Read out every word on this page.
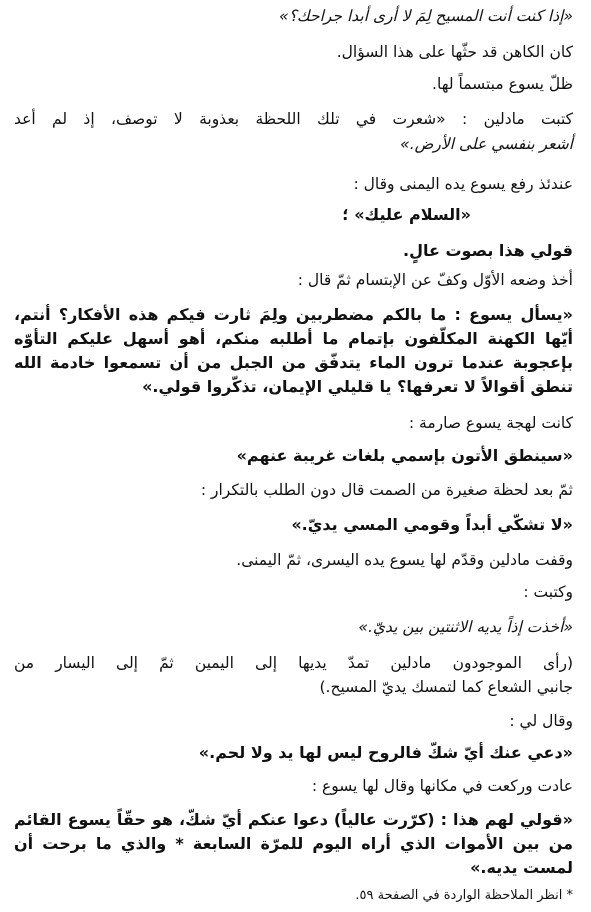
«إذا كنت أنت المسيح لِمَ لا أرى أبدا جراحك؟»

كان الكاهن قد حثّها على هذا السؤال.

ظلّ يسوع مبتسماً لها.

كتبت مادلين : «شعرت في تلك اللحظة بعذوبة لا توصف، إذ لم أعد

أشعر بنفسي على الأرض.»

عندئذ رفع يسوع يده اليمنى وقال :

«السلام عليك» ؛

قولي هذا بصوت عالٍ.

أخذ وضعه الأوّل وكفّ عن الإبتسام ثمّ قال :

«يسأل يسوع : ما بالكم مضطربين ولِمَ ثارت فيكم هذه الأفكار؟ أنتم،

أيّها الكهنة المكلّفون بإتمام ما أطلبه منكم، أهو أسهل عليكم التأوّه

بإعجوبة عندما ترون الماء يتدفّق من الجبل من أن تسمعوا خادمة الله

تنطق أقوالاً لا تعرفها؟ يا قليلي الإيمان، تذكّروا قولي.»

كانت لهجة يسوع صارمة :

«سينطق الأتون بإسمي بلغات غريبة عنهم»

ثمّ بعد لحظة صغيرة من الصمت قال دون الطلب بالتكرار :

«لا تشكّي أبداً وقومي المسي يديّ.»

وقفت مادلين وقدّم لها يسوع يده اليسرى، ثمّ اليمنى.

وكتبت :

«أخذت إذاً يديه الاثنتين بين يديّ.»

(رأى الموجودون مادلين تمدّ يديها إلى اليمين ثمّ إلى اليسار من

جانبي الشعاع كما لتمسك يديّ المسيح.)

وقال لي :

«دعي عنك أيّ شكّ فالروح ليس لها يد ولا لحم.»

عادت وركعت في مكانها وقال لها يسوع :

«قولي لهم هذا : (كرّرت عالياً) دعوا عنكم أيّ شكّ، هو حقّاً يسوع القائم

من بين الأموات الذي أراه اليوم للمرّة السابعة * والذي ما برحت أن

لمست يديه.»

* انظر الملاحظة الواردة في الصفحة ٥٩.
